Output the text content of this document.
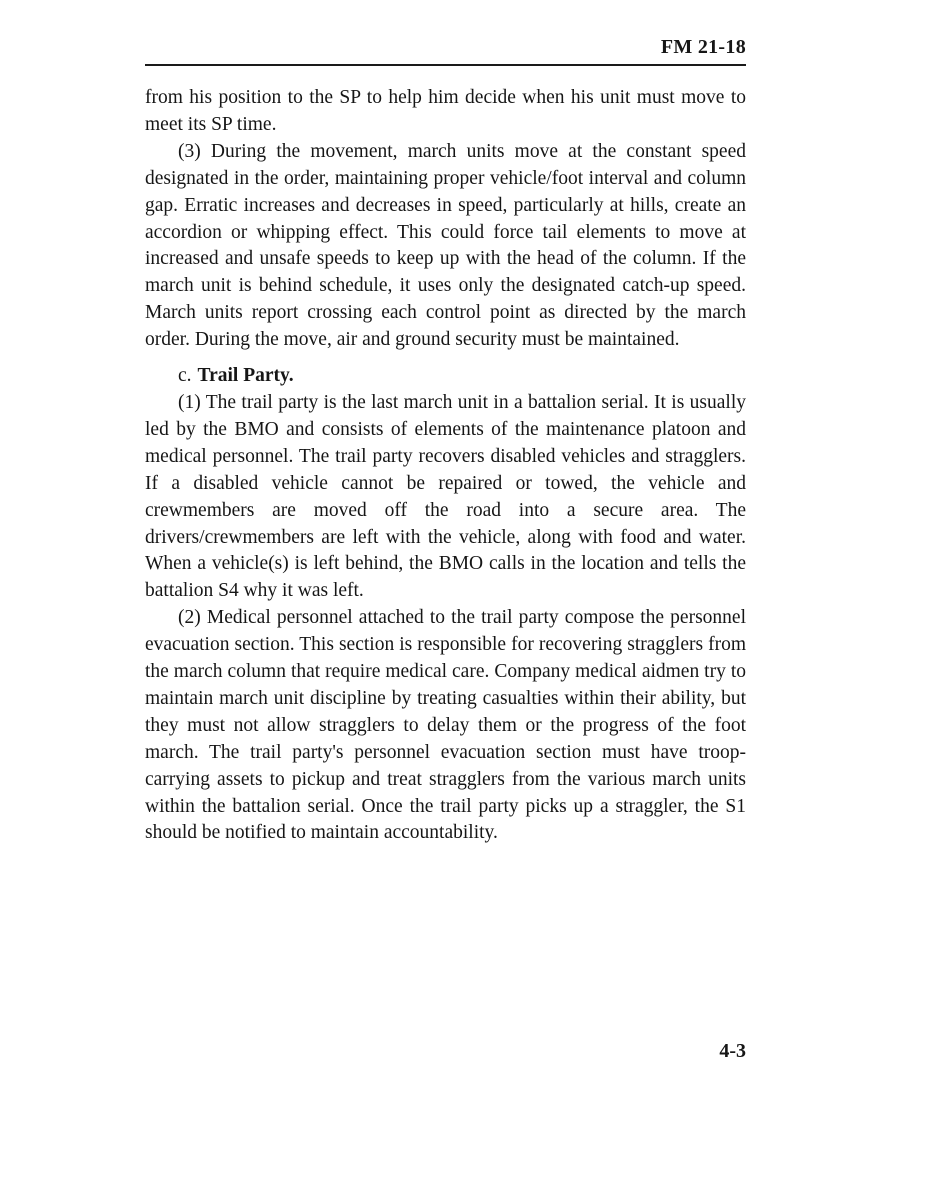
FM 21-18

from his position to the SP to help him decide when his unit must move to meet its SP time.

(3) During the movement, march units move at the constant speed designated in the order, maintaining proper vehicle/foot interval and column gap. Erratic increases and decreases in speed, particularly at hills, create an accordion or whipping effect. This could force tail elements to move at increased and unsafe speeds to keep up with the head of the column. If the march unit is behind schedule, it uses only the designated catch-up speed. March units report crossing each control point as directed by the march order. During the move, air and ground security must be maintained.

c. Trail Party.

(1) The trail party is the last march unit in a battalion serial. It is usually led by the BMO and consists of elements of the maintenance platoon and medical personnel. The trail party recovers disabled vehicles and stragglers. If a disabled vehicle cannot be repaired or towed, the vehicle and crewmembers are moved off the road into a secure area. The drivers/crewmembers are left with the vehicle, along with food and water. When a vehicle(s) is left behind, the BMO calls in the location and tells the battalion S4 why it was left.

(2) Medical personnel attached to the trail party compose the personnel evacuation section. This section is responsible for recovering stragglers from the march column that require medical care. Company medical aidmen try to maintain march unit discipline by treating casualties within their ability, but they must not allow stragglers to delay them or the progress of the foot march. The trail party's personnel evacuation section must have troop-carrying assets to pickup and treat stragglers from the various march units within the battalion serial. Once the trail party picks up a straggler, the S1 should be notified to maintain accountability.

4-3
